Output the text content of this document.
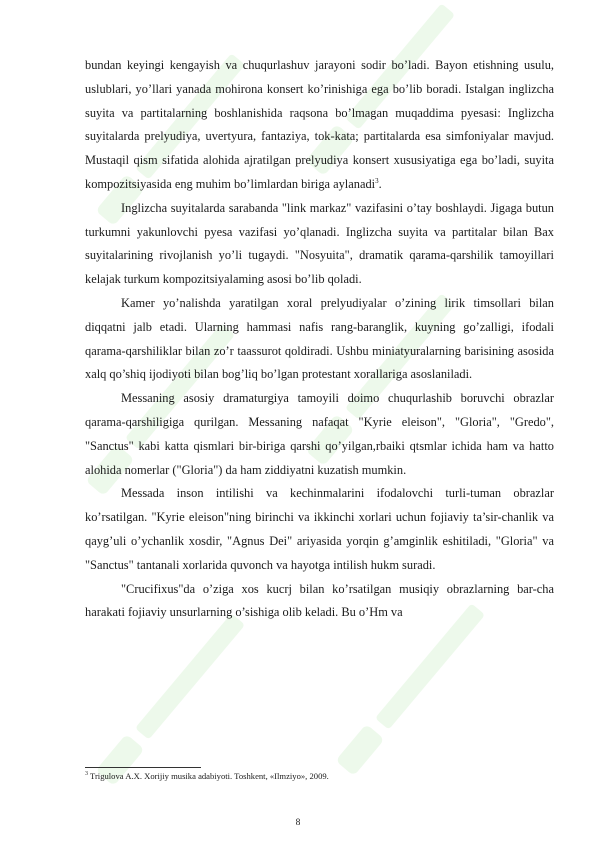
bundan keyingi kengayish va chuqurlashuv jarayoni sodir bo’ladi. Bayon etishning usulu, uslublari, yo’llari yanada mohirona konsert ko’rinishiga ega bo’lib boradi. Istalgan inglizcha suyita va partitalarning boshlanishida raqsona bo’lmagan muqaddima pyesasi: Inglizcha suyitalarda prelyudiya, uvertyura, fantaziya, tok-kata; partitalarda esa simfoniyalar mavjud. Mustaqil qism sifatida alohida ajratilgan prelyudiya konsert xususiyatiga ega bo’ladi, suyita kompozitsiyasida eng muhim bo’limlardan biriga aylanadi$^3$.

Inglizcha suyitalarda sarabanda "link markaz" vazifasini o’tay boshlaydi. Jigaga butun turkumni yakunlovchi pyesa vazifasi yo’qlanadi. Inglizcha suyita va partitalar bilan Bax suyitalarining rivojlanish yo’li tugaydi. "Nosyuita", dramatik qarama-qarshilik tamoyillari kelajak turkum kompozitsiyalaming asosi bo’lib qoladi.

Kamer yo’nalishda yaratilgan xoral prelyudiyalar o’zining lirik timsollari bilan diqqatni jalb etadi. Ularning hammasi nafis rang-baranglik, kuyning go’zalligi, ifodali qarama-qarshiliklar bilan zo’r taassurot qoldiradi. Ushbu miniatyuralarning barisining asosida xalq qo’shiq ijodiyoti bilan bog’liq bo’lgan protestant xorallariga asoslaniladi.

Messaning asosiy dramaturgiya tamoyili doimo chuqurlashib boruvchi obrazlar qarama-qarshiligiga qurilgan. Messaning nafaqat "Kyrie eleison", "Gloria", "Gredo", "Sanctus" kabi katta qismlari bir-biriga qarshi qo’yilgan,rbaiki qtsmlar ichida ham va hatto alohida nomerlar ("Gloria") da ham ziddiyatni kuzatish mumkin.

Messada inson intilishi va kechinmalarini ifodalovchi turli-tuman obrazlar ko’rsatilgan. "Kyrie eleison"ning birinchi va ikkinchi xorlari uchun fojiaviy ta’sir-chanlik va qayg’uli o’ychanlik xosdir, "Agnus Dei" ariyasida yorqin g’amginlik eshitiladi, "Gloria" va "Sanctus" tantanali xorlarida quvonch va hayotga intilish hukm suradi.

"Crucifixus"da o’ziga xos kucrj bilan ko’rsatilgan musiqiy obrazlarning bar-cha harakati fojiaviy unsurlarning o’sishiga olib keladi. Bu o’Hm va

$^3$ Trigulova A.X. Xorijiy musika adabiyoti. Toshkent, «Ilmziyo», 2009.
8
